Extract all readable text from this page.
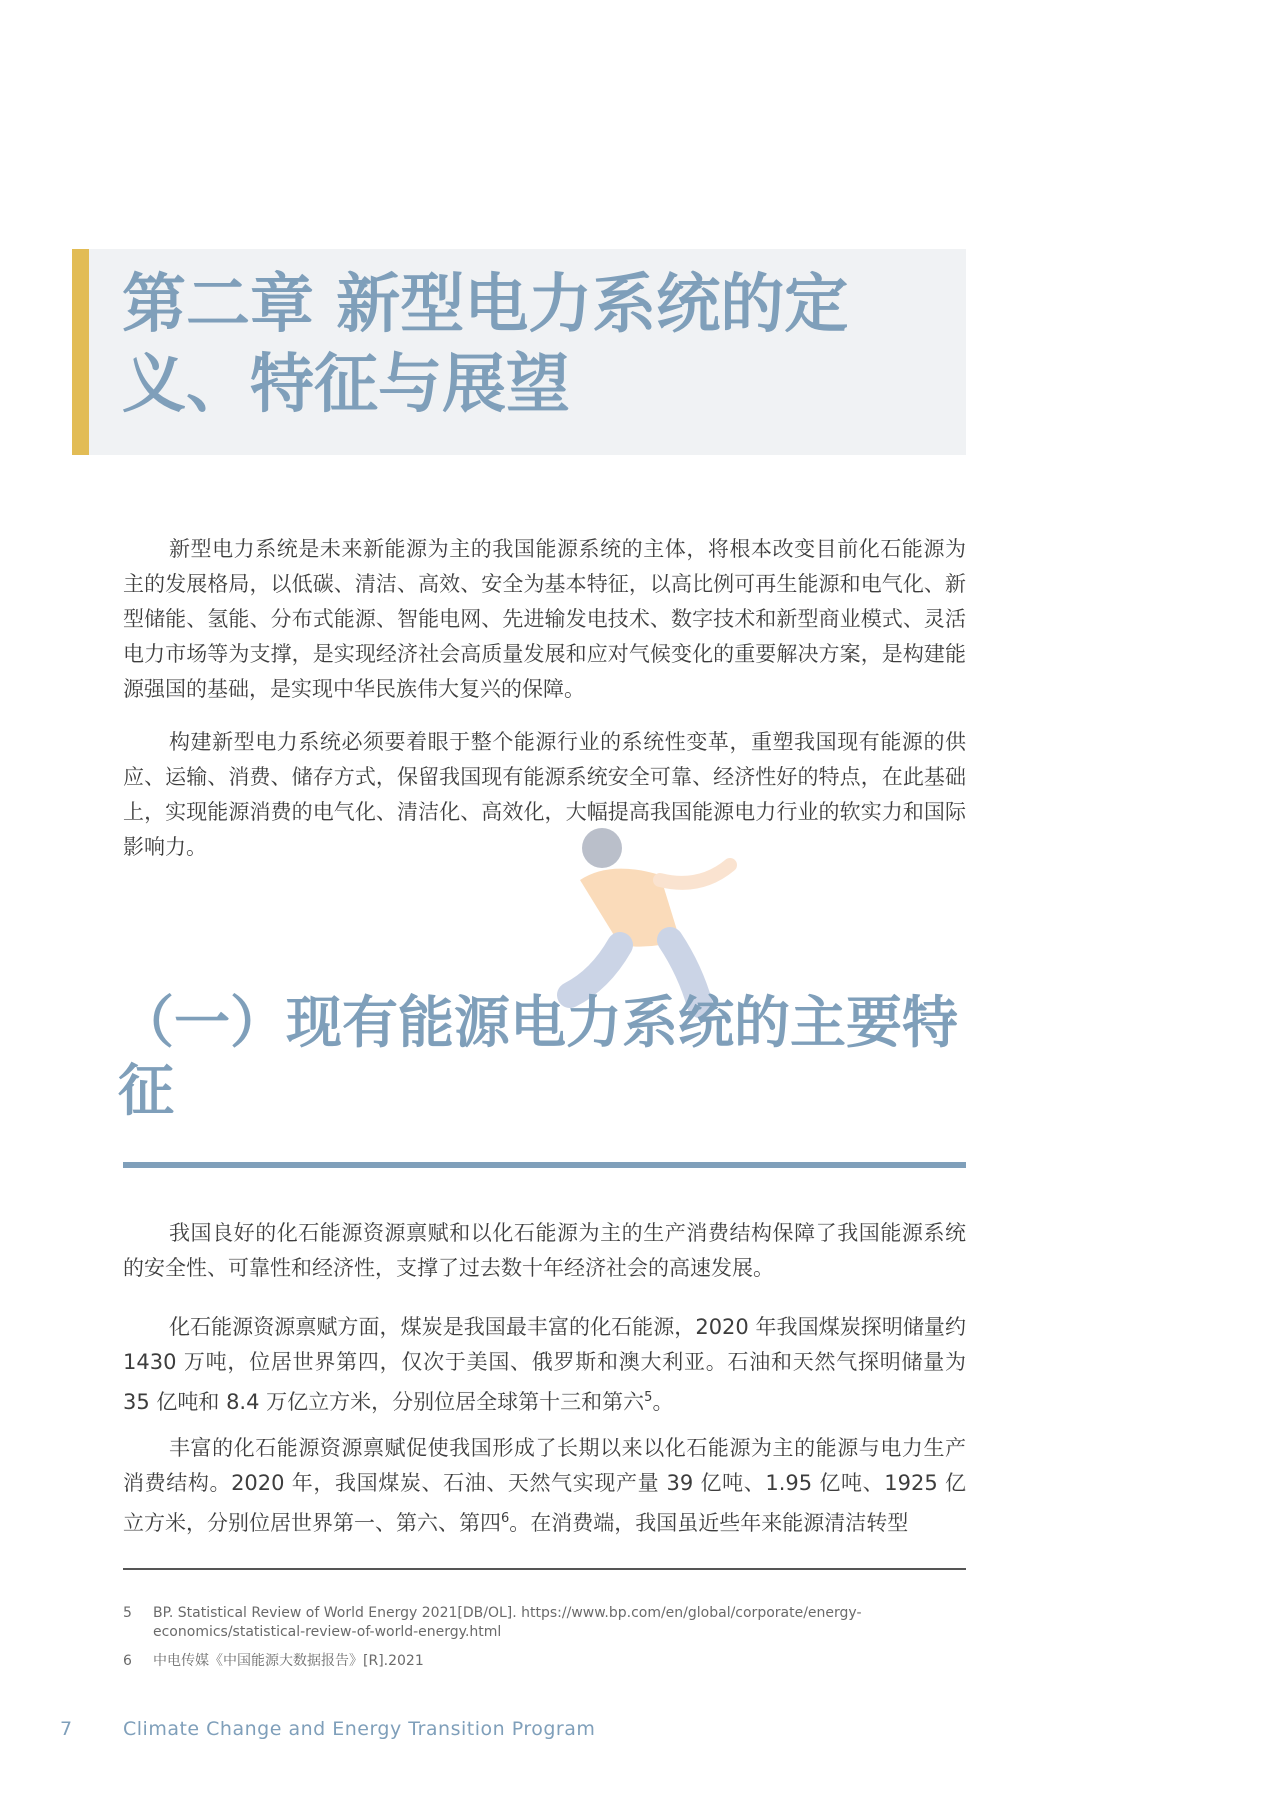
第二章 新型电力系统的定义、特征与展望

新型电力系统是未来新能源为主的我国能源系统的主体，将根本改变目前化石能源为主的发展格局，以低碳、清洁、高效、安全为基本特征，以高比例可再生能源和电气化、新型储能、氢能、分布式能源、智能电网、先进输发电技术、数字技术和新型商业模式、灵活电力市场等为支撑，是实现经济社会高质量发展和应对气候变化的重要解决方案，是构建能源强国的基础，是实现中华民族伟大复兴的保障。

构建新型电力系统必须要着眼于整个能源行业的系统性变革，重塑我国现有能源的供应、运输、消费、储存方式，保留我国现有能源系统安全可靠、经济性好的特点，在此基础上，实现能源消费的电气化、清洁化、高效化，大幅提高我国能源电力行业的软实力和国际影响力。

（一）现有能源电力系统的主要特征

我国良好的化石能源资源禀赋和以化石能源为主的生产消费结构保障了我国能源系统的安全性、可靠性和经济性，支撑了过去数十年经济社会的高速发展。

化石能源资源禀赋方面，煤炭是我国最丰富的化石能源，2020 年我国煤炭探明储量约 1430 万吨，位居世界第四，仅次于美国、俄罗斯和澳大利亚。石油和天然气探明储量为 35 亿吨和 8.4 万亿立方米，分别位居全球第十三和第六$^5$。

丰富的化石能源资源禀赋促使我国形成了长期以来以化石能源为主的能源与电力生产消费结构。2020 年，我国煤炭、石油、天然气实现产量 39 亿吨、1.95 亿吨、1925 亿立方米，分别位居世界第一、第六、第四$^6$。在消费端，我国虽近些年来能源清洁转型

5 BP. Statistical Review of World Energy 2021[DB/OL]. https://www.bp.com/en/global/corporate/energy-economics/statistical-review-of-world-energy.html
6 中电传媒《中国能源大数据报告》[R].2021
7	Climate Change and Energy Transition Program
